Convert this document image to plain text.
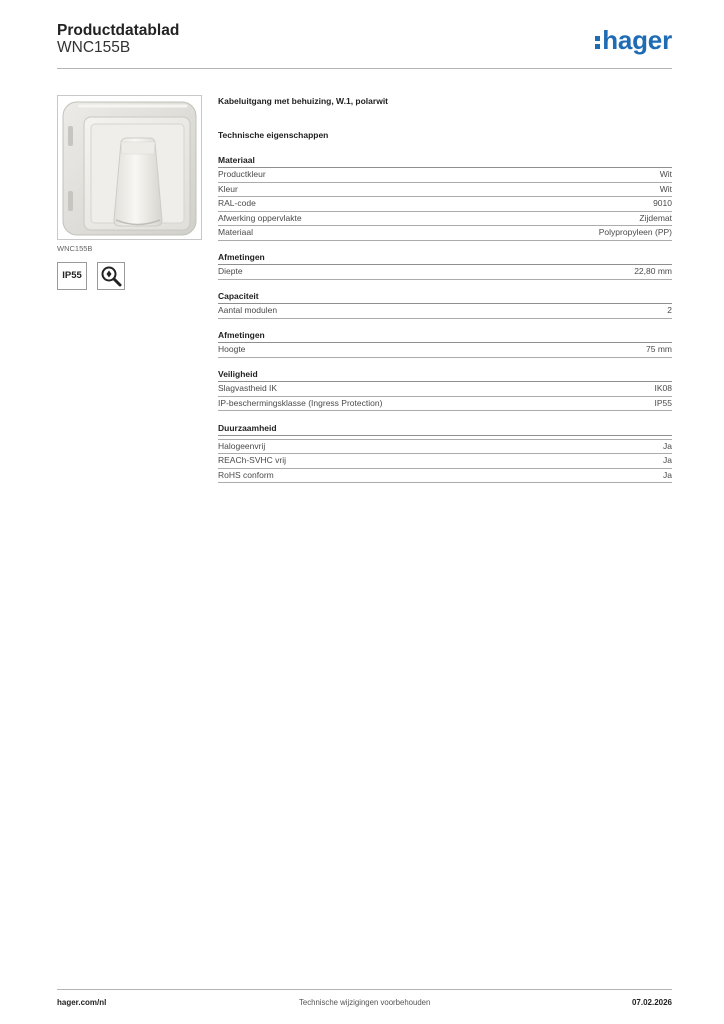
Productdatablad
WNC155B	hager
WNC155B
IP55
Kabeluitgang met behuizing, W.1, polarwit
Technische eigenschappen
Materiaal
Productkleur	Wit
Kleur	Wit
RAL-code	9010
Afwerking oppervlakte	Zijdemat
Materiaal	Polypropyleen (PP)
Afmetingen
Diepte	22,80 mm
Capaciteit
Aantal modulen	2
Afmetingen
Hoogte	75 mm
Veiligheid
Slagvastheid IK	IK08
IP-beschermingsklasse (Ingress Protection)	IP55
Duurzaamheid
Halogeenvrij	Ja
REACh-SVHC vrij	Ja
RoHS conform	Ja
hager.com/nl	Technische wijzigingen voorbehouden	07.02.2026
